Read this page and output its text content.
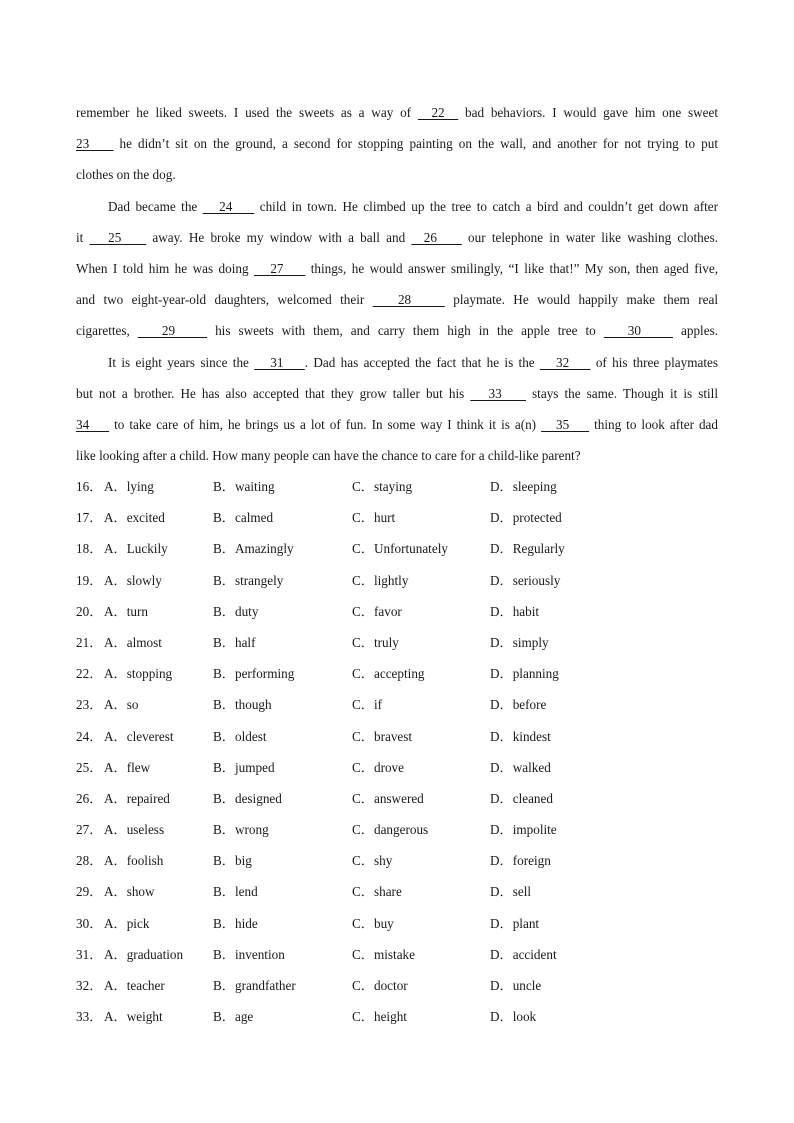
remember he liked sweets. I used the sweets as a way of   22   bad behaviors. I would gave him one sweet
23     he didn’t sit on the ground, a second for stopping painting on the wall, and another for not trying to put
clothes on the dog.
Dad became the    24     child in town. He climbed up the tree to catch a bird and couldn’t get down after
it    25     away. He broke my window with a ball and   26     our telephone in water like washing clothes.
When I told him he was doing    27     things, he would answer smilingly, “I like that!” My son, then aged five,
and two eight-year-old daughters, welcomed their    28     playmate. He would happily make them real
cigarettes,    29     his sweets with them, and carry them high in the apple tree to    30     apples.
It is eight years since the    31    . Dad has accepted the fact that he is the    32     of his three playmates
but not a brother. He has also accepted that they grow taller but his    33     stays the same. Though it is still
34     to take care of him, he brings us a lot of fun. In some way I think it is a(n)    35     thing to look after dad
like looking after a child. How many people can have the chance to care for a child-like parent?
16． A．lying	B．waiting	C．staying	D．sleeping
17． A．excited	B．calmed	C．hurt	D．protected
18． A．Luckily	B．Amazingly	C．Unfortunately	D．Regularly
19． A．slowly	B．strangely	C．lightly	D．seriously
20． A．turn	B．duty	C．favor	D．habit
21． A．almost	B．half	C．truly	D．simply
22． A．stopping	B．performing	C．accepting	D．planning
23． A．so	B．though	C．if	D．before
24． A．cleverest	B．oldest	C．bravest	D．kindest
25． A．flew	B．jumped	C．drove	D．walked
26． A．repaired	B．designed	C．answered	D．cleaned
27． A．useless	B．wrong	C．dangerous	D．impolite
28． A．foolish	B．big	C．shy	D．foreign
29． A．show	B．lend	C．share	D．sell
30． A．pick	B．hide	C．buy	D．plant
31． A．graduation B．invention	C．mistake	D．accident
32． A．teacher	B．grandfather	C．doctor	D．uncle
33． A．weight	B．age	C．height	D．look
